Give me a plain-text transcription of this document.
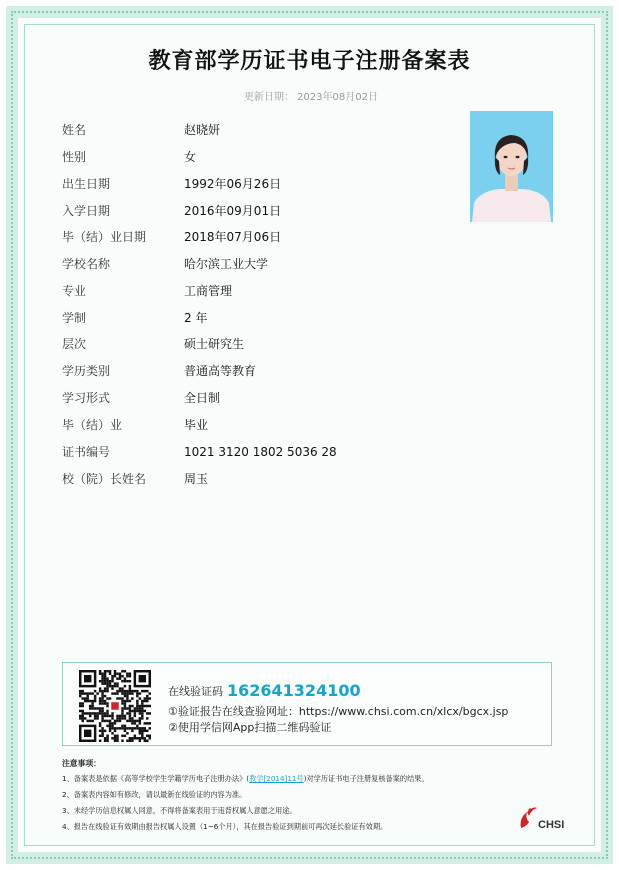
教育部学历证书电子注册备案表
更新日期： 2023年08月02日
姓名	赵晓妍
性别	女
出生日期	1992年06月26日
入学日期	2016年09月01日
毕（结）业日期	2018年07月06日
学校名称	哈尔滨工业大学
专业	工商管理
学制	2 年
层次	硕士研究生
学历类别	普通高等教育
学习形式	全日制
毕（结）业	毕业
证书编号	1021 3120 1802 5036 28
校（院）长姓名	周玉
在线验证码 162641324100
①验证报告在线查验网址：https://www.chsi.com.cn/xlcx/bgcx.jsp
②使用学信网App扫描二维码验证
注意事项：
1、备案表是依据《高等学校学生学籍学历电子注册办法》(教学[2014]11号)对学历证书电子注册复核备案的结果。
2、备案表内容如有修改，请以最新在线验证的内容为准。
3、未经学历信息权属人同意，不得将备案表用于违背权属人意愿之用途。
4、报告在线验证有效期由报告权属人设置（1~6个月），其在报告验证到期前可再次延长验证有效期。	CHSI
